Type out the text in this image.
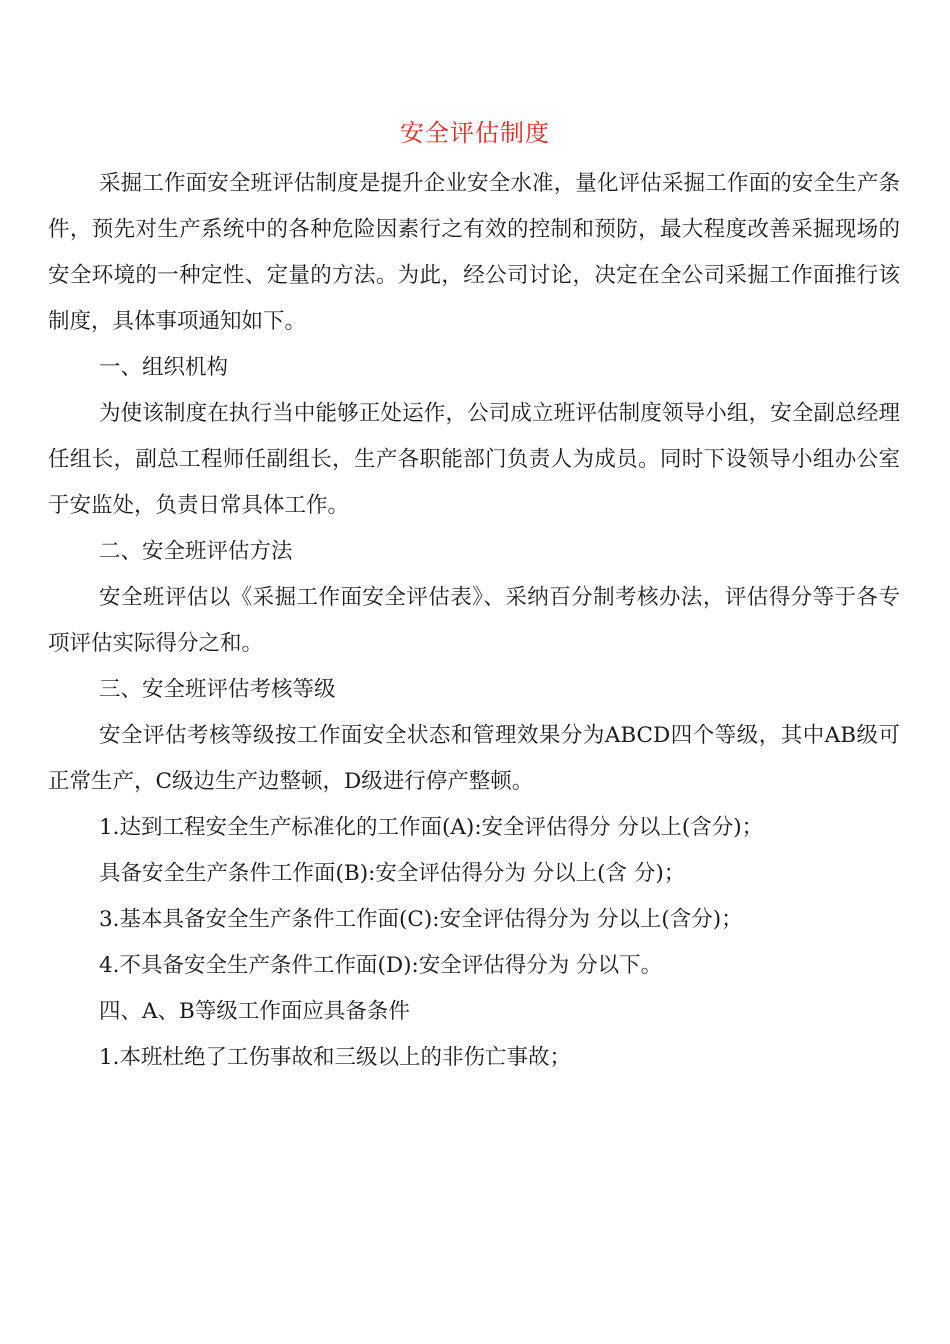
安全评估制度

采掘工作面安全班评估制度是提升企业安全水准，量化评估采掘工作面的安全生产条件，预先对生产系统中的各种危险因素行之有效的控制和预防，最大程度改善采掘现场的安全环境的一种定性、定量的方法。为此，经公司讨论，决定在全公司采掘工作面推行该制度，具体事项通知如下。

一、组织机构

为使该制度在执行当中能够正处运作，公司成立班评估制度领导小组，安全副总经理任组长，副总工程师任副组长，生产各职能部门负责人为成员。同时下设领导小组办公室于安监处，负责日常具体工作。

二、安全班评估方法

安全班评估以《采掘工作面安全评估表》、采纳百分制考核办法，评估得分等于各专项评估实际得分之和。

三、安全班评估考核等级

安全评估考核等级按工作面安全状态和管理效果分为ABCD四个等级，其中AB级可正常生产，C级边生产边整顿，D级进行停产整顿。

1.达到工程安全生产标准化的工作面(A):安全评估得分 分以上(含分)；

具备安全生产条件工作面(B):安全评估得分为 分以上(含 分)；

3.基本具备安全生产条件工作面(C):安全评估得分为 分以上(含分)；

4.不具备安全生产条件工作面(D):安全评估得分为 分以下。

四、A、B等级工作面应具备条件

1.本班杜绝了工伤事故和三级以上的非伤亡事故；
